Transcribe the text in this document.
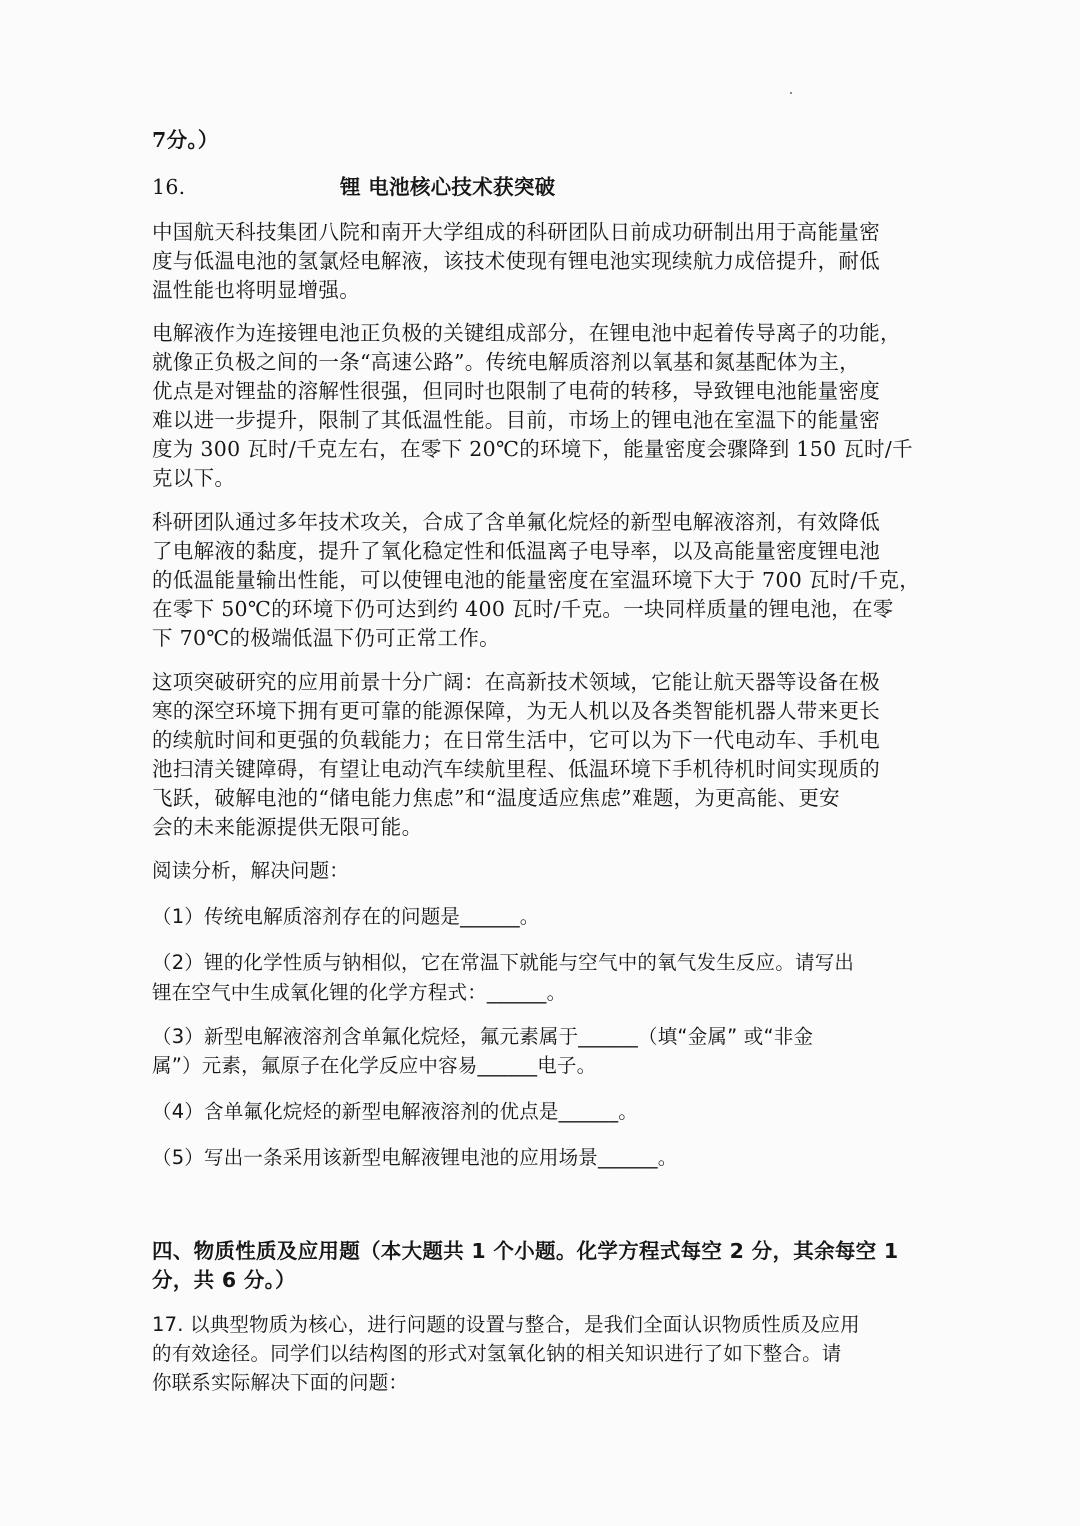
7分。）
16.	锂 电池核心技术获突破
中国航天科技集团八院和南开大学组成的科研团队日前成功研制出用于高能量密
度与低温电池的氢氯烃电解液，该技术使现有锂电池实现续航力成倍提升，耐低
温性能也将明显增强。
电解液作为连接锂电池正负极的关键组成部分，在锂电池中起着传导离子的功能，
就像正负极之间的一条“高速公路”。传统电解质溶剂以氧基和氮基配体为主，
优点是对锂盐的溶解性很强，但同时也限制了电荷的转移，导致锂电池能量密度
难以进一步提升，限制了其低温性能。目前，市场上的锂电池在室温下的能量密
度为 300 瓦时/千克左右，在零下 20℃的环境下，能量密度会骤降到 150 瓦时/千
克以下。
科研团队通过多年技术攻关，合成了含单氟化烷烃的新型电解液溶剂，有效降低
了电解液的黏度，提升了氧化稳定性和低温离子电导率，以及高能量密度锂电池
的低温能量输出性能，可以使锂电池的能量密度在室温环境下大于 700 瓦时/千克，
在零下 50℃的环境下仍可达到约 400 瓦时/千克。一块同样质量的锂电池，在零
下 70℃的极端低温下仍可正常工作。
这项突破研究的应用前景十分广阔：在高新技术领域，它能让航天器等设备在极
寒的深空环境下拥有更可靠的能源保障，为无人机以及各类智能机器人带来更长
的续航时间和更强的负载能力；在日常生活中，它可以为下一代电动车、手机电
池扫清关键障碍，有望让电动汽车续航里程、低温环境下手机待机时间实现质的
飞跃，破解电池的“储电能力焦虑”和“温度适应焦虑”难题，为更高能、更安
会的未来能源提供无限可能。
阅读分析，解决问题：
（1）传统电解质溶剂存在的问题是______。
（2）锂的化学性质与钠相似，它在常温下就能与空气中的氧气发生反应。请写出
锂在空气中生成氧化锂的化学方程式：______。
（3）新型电解液溶剂含单氟化烷烃，氟元素属于______（填“金属” 或“非金
属”）元素，氟原子在化学反应中容易______电子。
（4）含单氟化烷烃的新型电解液溶剂的优点是______。
（5）写出一条采用该新型电解液锂电池的应用场景______。
四、物质性质及应用题（本大题共 1 个小题。化学方程式每空 2 分，其余每空 1
分，共 6 分。）
17. 以典型物质为核心，进行问题的设置与整合，是我们全面认识物质性质及应用
的有效途径。同学们以结构图的形式对氢氧化钠的相关知识进行了如下整合。请
你联系实际解决下面的问题：
